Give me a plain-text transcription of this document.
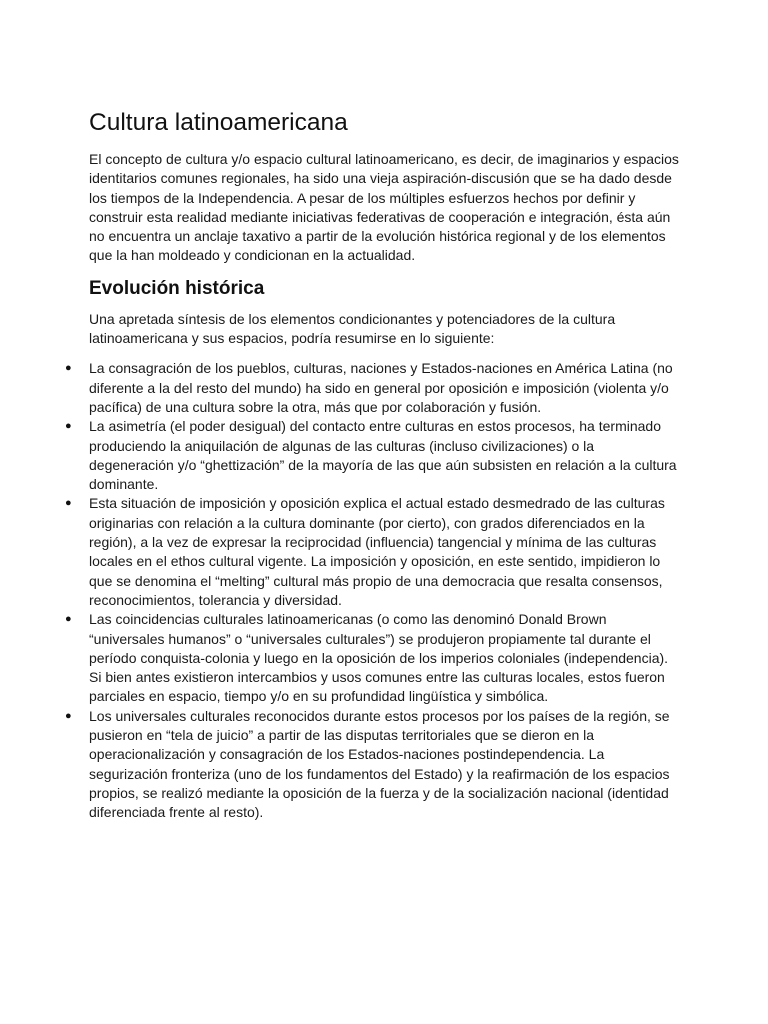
Cultura latinoamericana

El concepto de cultura y/o espacio cultural latinoamericano, es decir, de imaginarios y espacios identitarios comunes regionales, ha sido una vieja aspiración-discusión que se ha dado desde los tiempos de la Independencia. A pesar de los múltiples esfuerzos hechos por definir y construir esta realidad mediante iniciativas federativas de cooperación e integración, ésta aún no encuentra un anclaje taxativo a partir de la evolución histórica regional y de los elementos que la han moldeado y condicionan en la actualidad.

Evolución histórica

Una apretada síntesis de los elementos condicionantes y potenciadores de la cultura latinoamericana y sus espacios, podría resumirse en lo siguiente:

● La consagración de los pueblos, culturas, naciones y Estados-naciones en América Latina (no diferente a la del resto del mundo) ha sido en general por oposición e imposición (violenta y/o pacífica) de una cultura sobre la otra, más que por colaboración y fusión.
● La asimetría (el poder desigual) del contacto entre culturas en estos procesos, ha terminado produciendo la aniquilación de algunas de las culturas (incluso civilizaciones) o la degeneración y/o “ghettización” de la mayoría de las que aún subsisten en relación a la cultura dominante.
● Esta situación de imposición y oposición explica el actual estado desmedrado de las culturas originarias con relación a la cultura dominante (por cierto), con grados diferenciados en la región), a la vez de expresar la reciprocidad (influencia) tangencial y mínima de las culturas locales en el ethos cultural vigente. La imposición y oposición, en este sentido, impidieron lo que se denomina el “melting” cultural más propio de una democracia que resalta consensos, reconocimientos, tolerancia y diversidad.
● Las coincidencias culturales latinoamericanas (o como las denominó Donald Brown “universales humanos” o “universales culturales”) se produjeron propiamente tal durante el período conquista-colonia y luego en la oposición de los imperios coloniales (independencia). Si bien antes existieron intercambios y usos comunes entre las culturas locales, estos fueron parciales en espacio, tiempo y/o en su profundidad lingüística y simbólica.
● Los universales culturales reconocidos durante estos procesos por los países de la región, se pusieron en “tela de juicio” a partir de las disputas territoriales que se dieron en la operacionalización y consagración de los Estados-naciones postindependencia. La segurización fronteriza (uno de los fundamentos del Estado) y la reafirmación de los espacios propios, se realizó mediante la oposición de la fuerza y de la socialización nacional (identidad diferenciada frente al resto).
